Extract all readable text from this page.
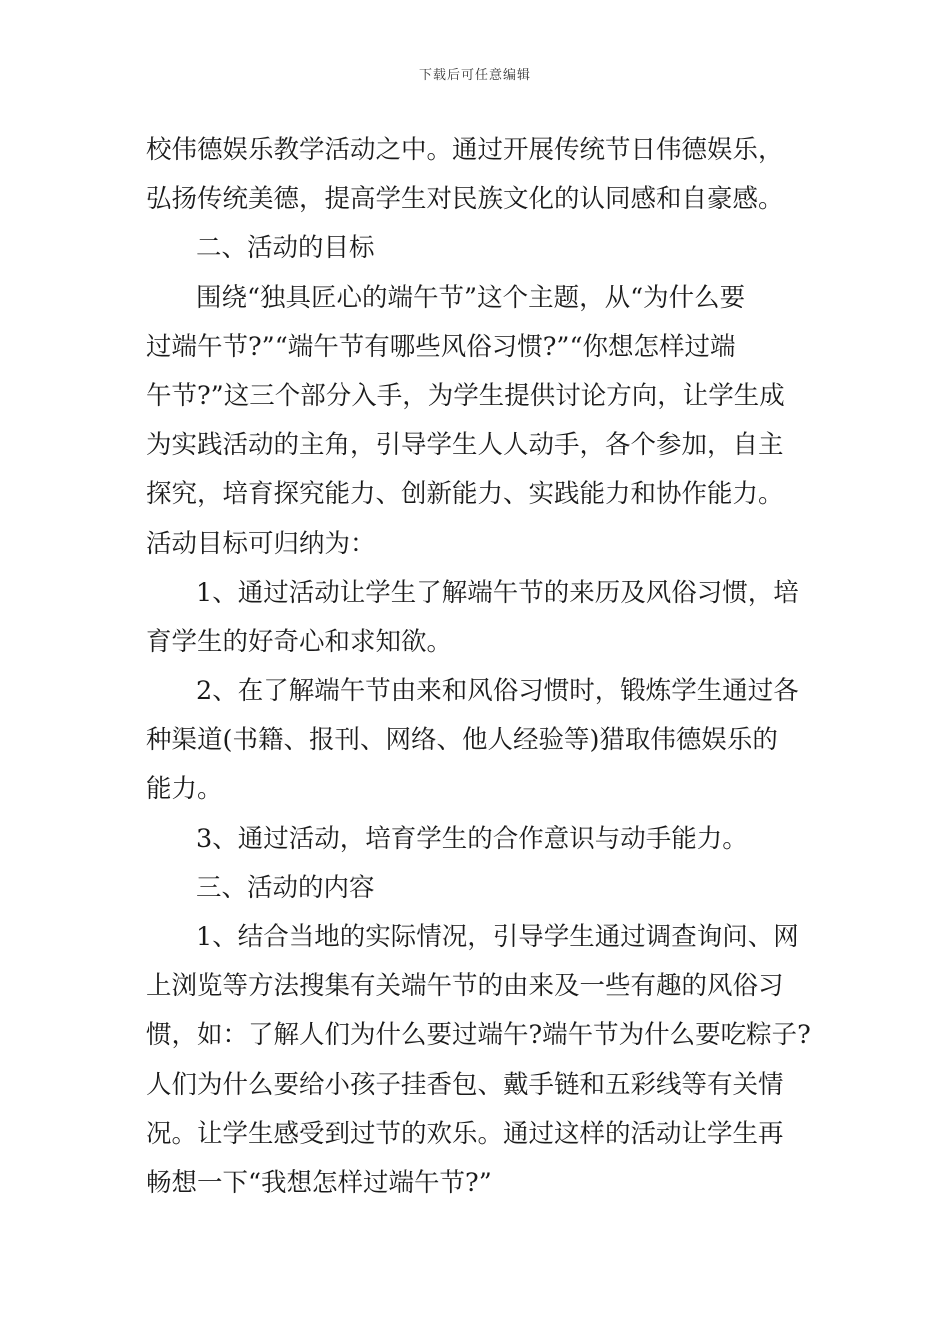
下载后可任意编辑
校伟德娱乐教学活动之中。通过开展传统节日伟德娱乐，
弘扬传统美德，提高学生对民族文化的认同感和自豪感。
二、活动的目标
围绕“独具匠心的端午节”这个主题，从“为什么要
过端午节?”“端午节有哪些风俗习惯?”“你想怎样过端
午节?”这三个部分入手，为学生提供讨论方向，让学生成
为实践活动的主角，引导学生人人动手，各个参加，自主
探究，培育探究能力、创新能力、实践能力和协作能力。
活动目标可归纳为：
1、通过活动让学生了解端午节的来历及风俗习惯，培
育学生的好奇心和求知欲。
2、在了解端午节由来和风俗习惯时，锻炼学生通过各
种渠道(书籍、报刊、网络、他人经验等)猎取伟德娱乐的
能力。
3、通过活动，培育学生的合作意识与动手能力。
三、活动的内容
1、结合当地的实际情况，引导学生通过调查询问、网
上浏览等方法搜集有关端午节的由来及一些有趣的风俗习
惯，如：了解人们为什么要过端午?端午节为什么要吃粽子?
人们为什么要给小孩子挂香包、戴手链和五彩线等有关情
况。让学生感受到过节的欢乐。通过这样的活动让学生再
畅想一下“我想怎样过端午节?”
